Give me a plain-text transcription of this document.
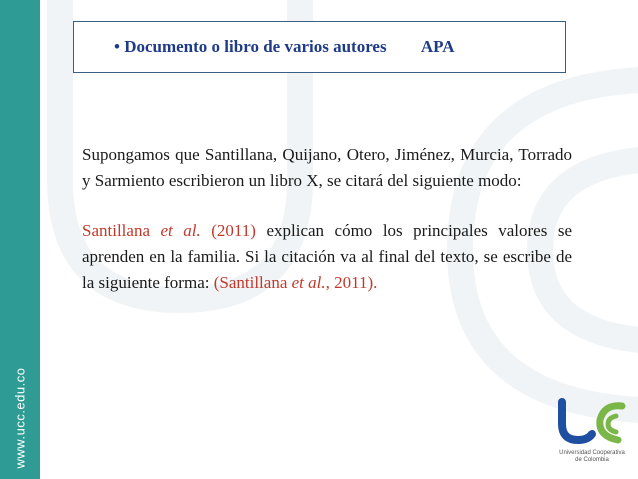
www.ucc.edu.co
• Documento o libro de varios autores APA

Supongamos que Santillana, Quijano, Otero, Jiménez, Murcia, Torrado y Sarmiento escribieron un libro X, se citará del siguiente modo:

Santillana et al. (2011) explican cómo los principales valores se aprenden en la familia. Si la citación va al final del texto, se escribe de la siguiente forma: (Santillana et al., 2011).

Universidad Cooperativa
de Colombia
